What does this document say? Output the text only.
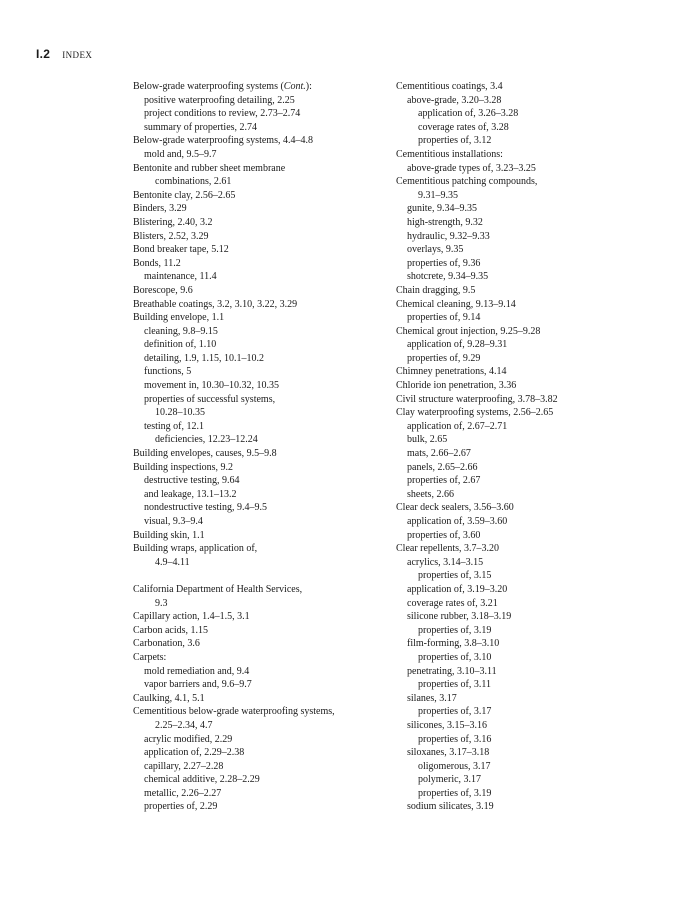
I.2 INDEX
Below-grade waterproofing systems (Cont.):
positive waterproofing detailing, 2.25
project conditions to review, 2.73–2.74
summary of properties, 2.74
Below-grade waterproofing systems, 4.4–4.8
mold and, 9.5–9.7
Bentonite and rubber sheet membrane
combinations, 2.61
Bentonite clay, 2.56–2.65
Binders, 3.29
Blistering, 2.40, 3.2
Blisters, 2.52, 3.29
Bond breaker tape, 5.12
Bonds, 11.2
maintenance, 11.4
Borescope, 9.6
Breathable coatings, 3.2, 3.10, 3.22, 3.29
Building envelope, 1.1
cleaning, 9.8–9.15
definition of, 1.10
detailing, 1.9, 1.15, 10.1–10.2
functions, 5
movement in, 10.30–10.32, 10.35
properties of successful systems,
10.28–10.35
testing of, 12.1
deficiencies, 12.23–12.24
Building envelopes, causes, 9.5–9.8
Building inspections, 9.2
destructive testing, 9.64
and leakage, 13.1–13.2
nondestructive testing, 9.4–9.5
visual, 9.3–9.4
Building skin, 1.1
Building wraps, application of,
4.9–4.11
California Department of Health Services,
9.3
Capillary action, 1.4–1.5, 3.1
Carbon acids, 1.15
Carbonation, 3.6
Carpets:
mold remediation and, 9.4
vapor barriers and, 9.6–9.7
Caulking, 4.1, 5.1
Cementitious below-grade waterproofing systems,
2.25–2.34, 4.7
acrylic modified, 2.29
application of, 2.29–2.38
capillary, 2.27–2.28
chemical additive, 2.28–2.29
metallic, 2.26–2.27
properties of, 2.29
Cementitious coatings, 3.4
above-grade, 3.20–3.28
application of, 3.26–3.28
coverage rates of, 3.28
properties of, 3.12
Cementitious installations:
above-grade types of, 3.23–3.25
Cementitious patching compounds,
9.31–9.35
gunite, 9.34–9.35
high-strength, 9.32
hydraulic, 9.32–9.33
overlays, 9.35
properties of, 9.36
shotcrete, 9.34–9.35
Chain dragging, 9.5
Chemical cleaning, 9.13–9.14
properties of, 9.14
Chemical grout injection, 9.25–9.28
application of, 9.28–9.31
properties of, 9.29
Chimney penetrations, 4.14
Chloride ion penetration, 3.36
Civil structure waterproofing, 3.78–3.82
Clay waterproofing systems, 2.56–2.65
application of, 2.67–2.71
bulk, 2.65
mats, 2.66–2.67
panels, 2.65–2.66
properties of, 2.67
sheets, 2.66
Clear deck sealers, 3.56–3.60
application of, 3.59–3.60
properties of, 3.60
Clear repellents, 3.7–3.20
acrylics, 3.14–3.15
properties of, 3.15
application of, 3.19–3.20
coverage rates of, 3.21
silicone rubber, 3.18–3.19
properties of, 3.19
film-forming, 3.8–3.10
properties of, 3.10
penetrating, 3.10–3.11
properties of, 3.11
silanes, 3.17
properties of, 3.17
silicones, 3.15–3.16
properties of, 3.16
siloxanes, 3.17–3.18
oligomerous, 3.17
polymeric, 3.17
properties of, 3.19
sodium silicates, 3.19
